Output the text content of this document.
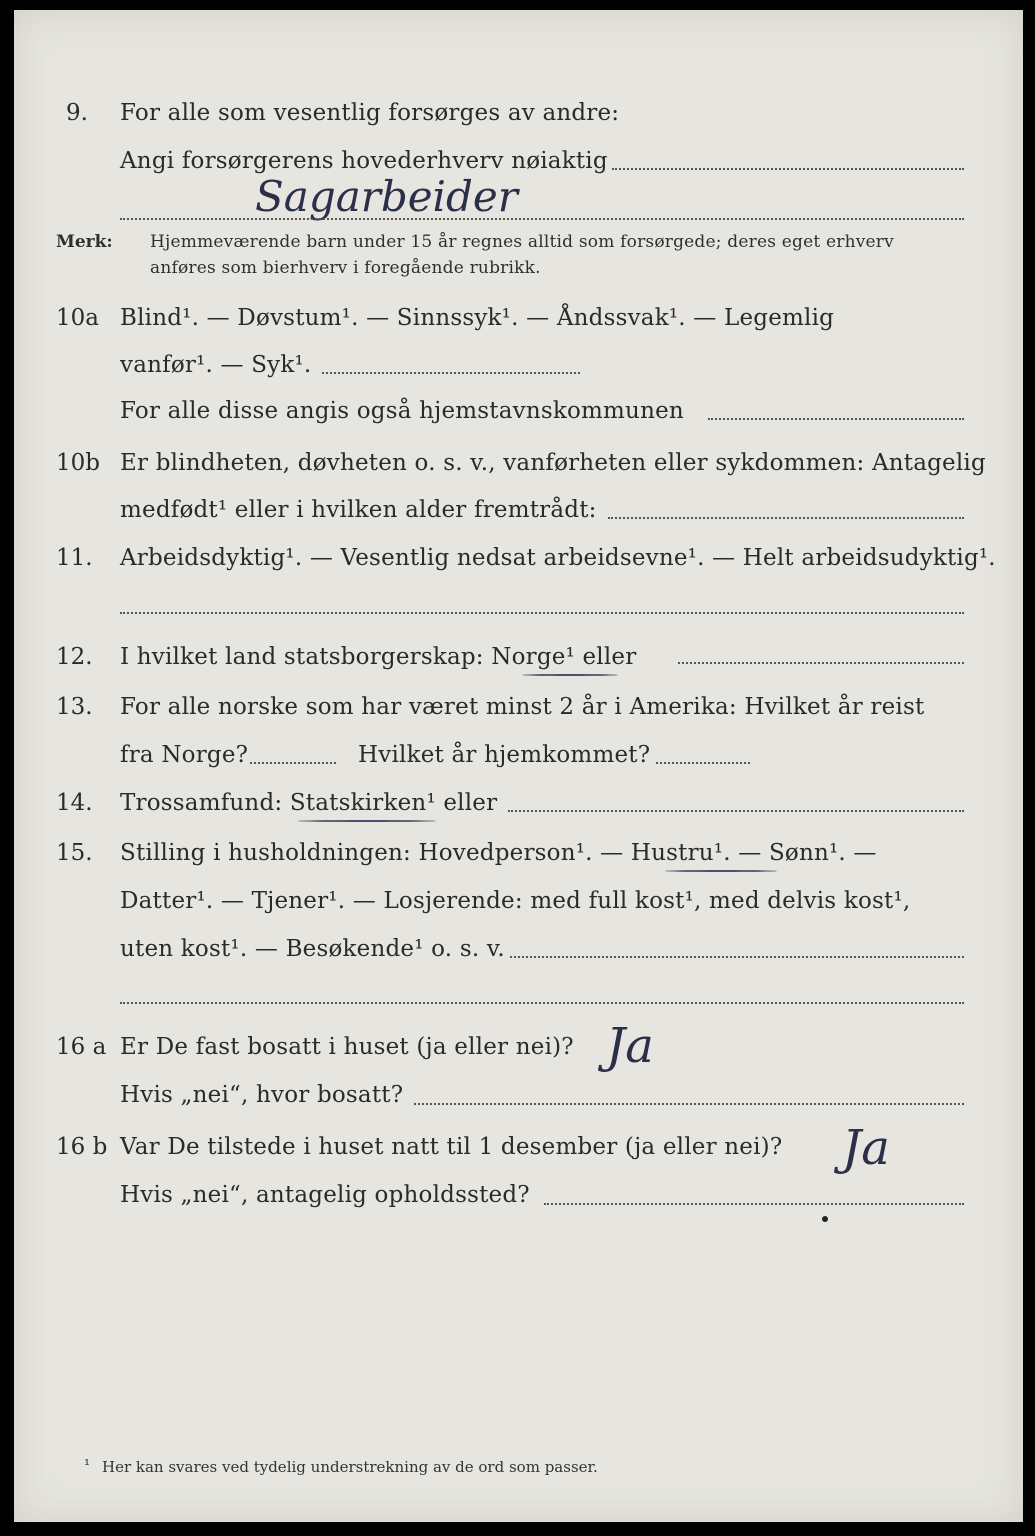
9. For alle som vesentlig forsørges av andre:
Angi forsørgerens hovederhverv nøiaktig
Sagarbeider
Merk: Hjemmeværende barn under 15 år regnes alltid som forsørgede; deres eget erhverv
anføres som bierhverv i foregående rubrikk.
10a Blind¹. — Døvstum¹. — Sinnssyk¹. — Åndssvak¹. — Legemlig
vanfør¹. — Syk¹.
For alle disse angis også hjemstavnskommunen
10b Er blindheten, døvheten o. s. v., vanførheten eller sykdommen: Antagelig
medfødt¹ eller i hvilken alder fremtrådt:
11. Arbeidsdyktig¹. — Vesentlig nedsat arbeidsevne¹. — Helt arbeidsudyktig¹.
12. I hvilket land statsborgerskap: Norge¹ eller
13. For alle norske som har været minst 2 år i Amerika: Hvilket år reist
fra Norge?	Hvilket år hjemkommet?
14. Trossamfund: Statskirken¹ eller
15. Stilling i husholdningen: Hovedperson¹. — Hustru¹. — Sønn¹. —
Datter¹. — Tjener¹. — Losjerende: med full kost¹, med delvis kost¹,
uten kost¹. — Besøkende¹ o. s. v.
16 a Er De fast bosatt i huset (ja eller nei)? Ja
Hvis „nei“, hvor bosatt?
16 b Var De tilstede i huset natt til 1 desember (ja eller nei)? Ja
Hvis „nei“, antagelig opholdssted?
¹ Her kan svares ved tydelig understrekning av de ord som passer.
